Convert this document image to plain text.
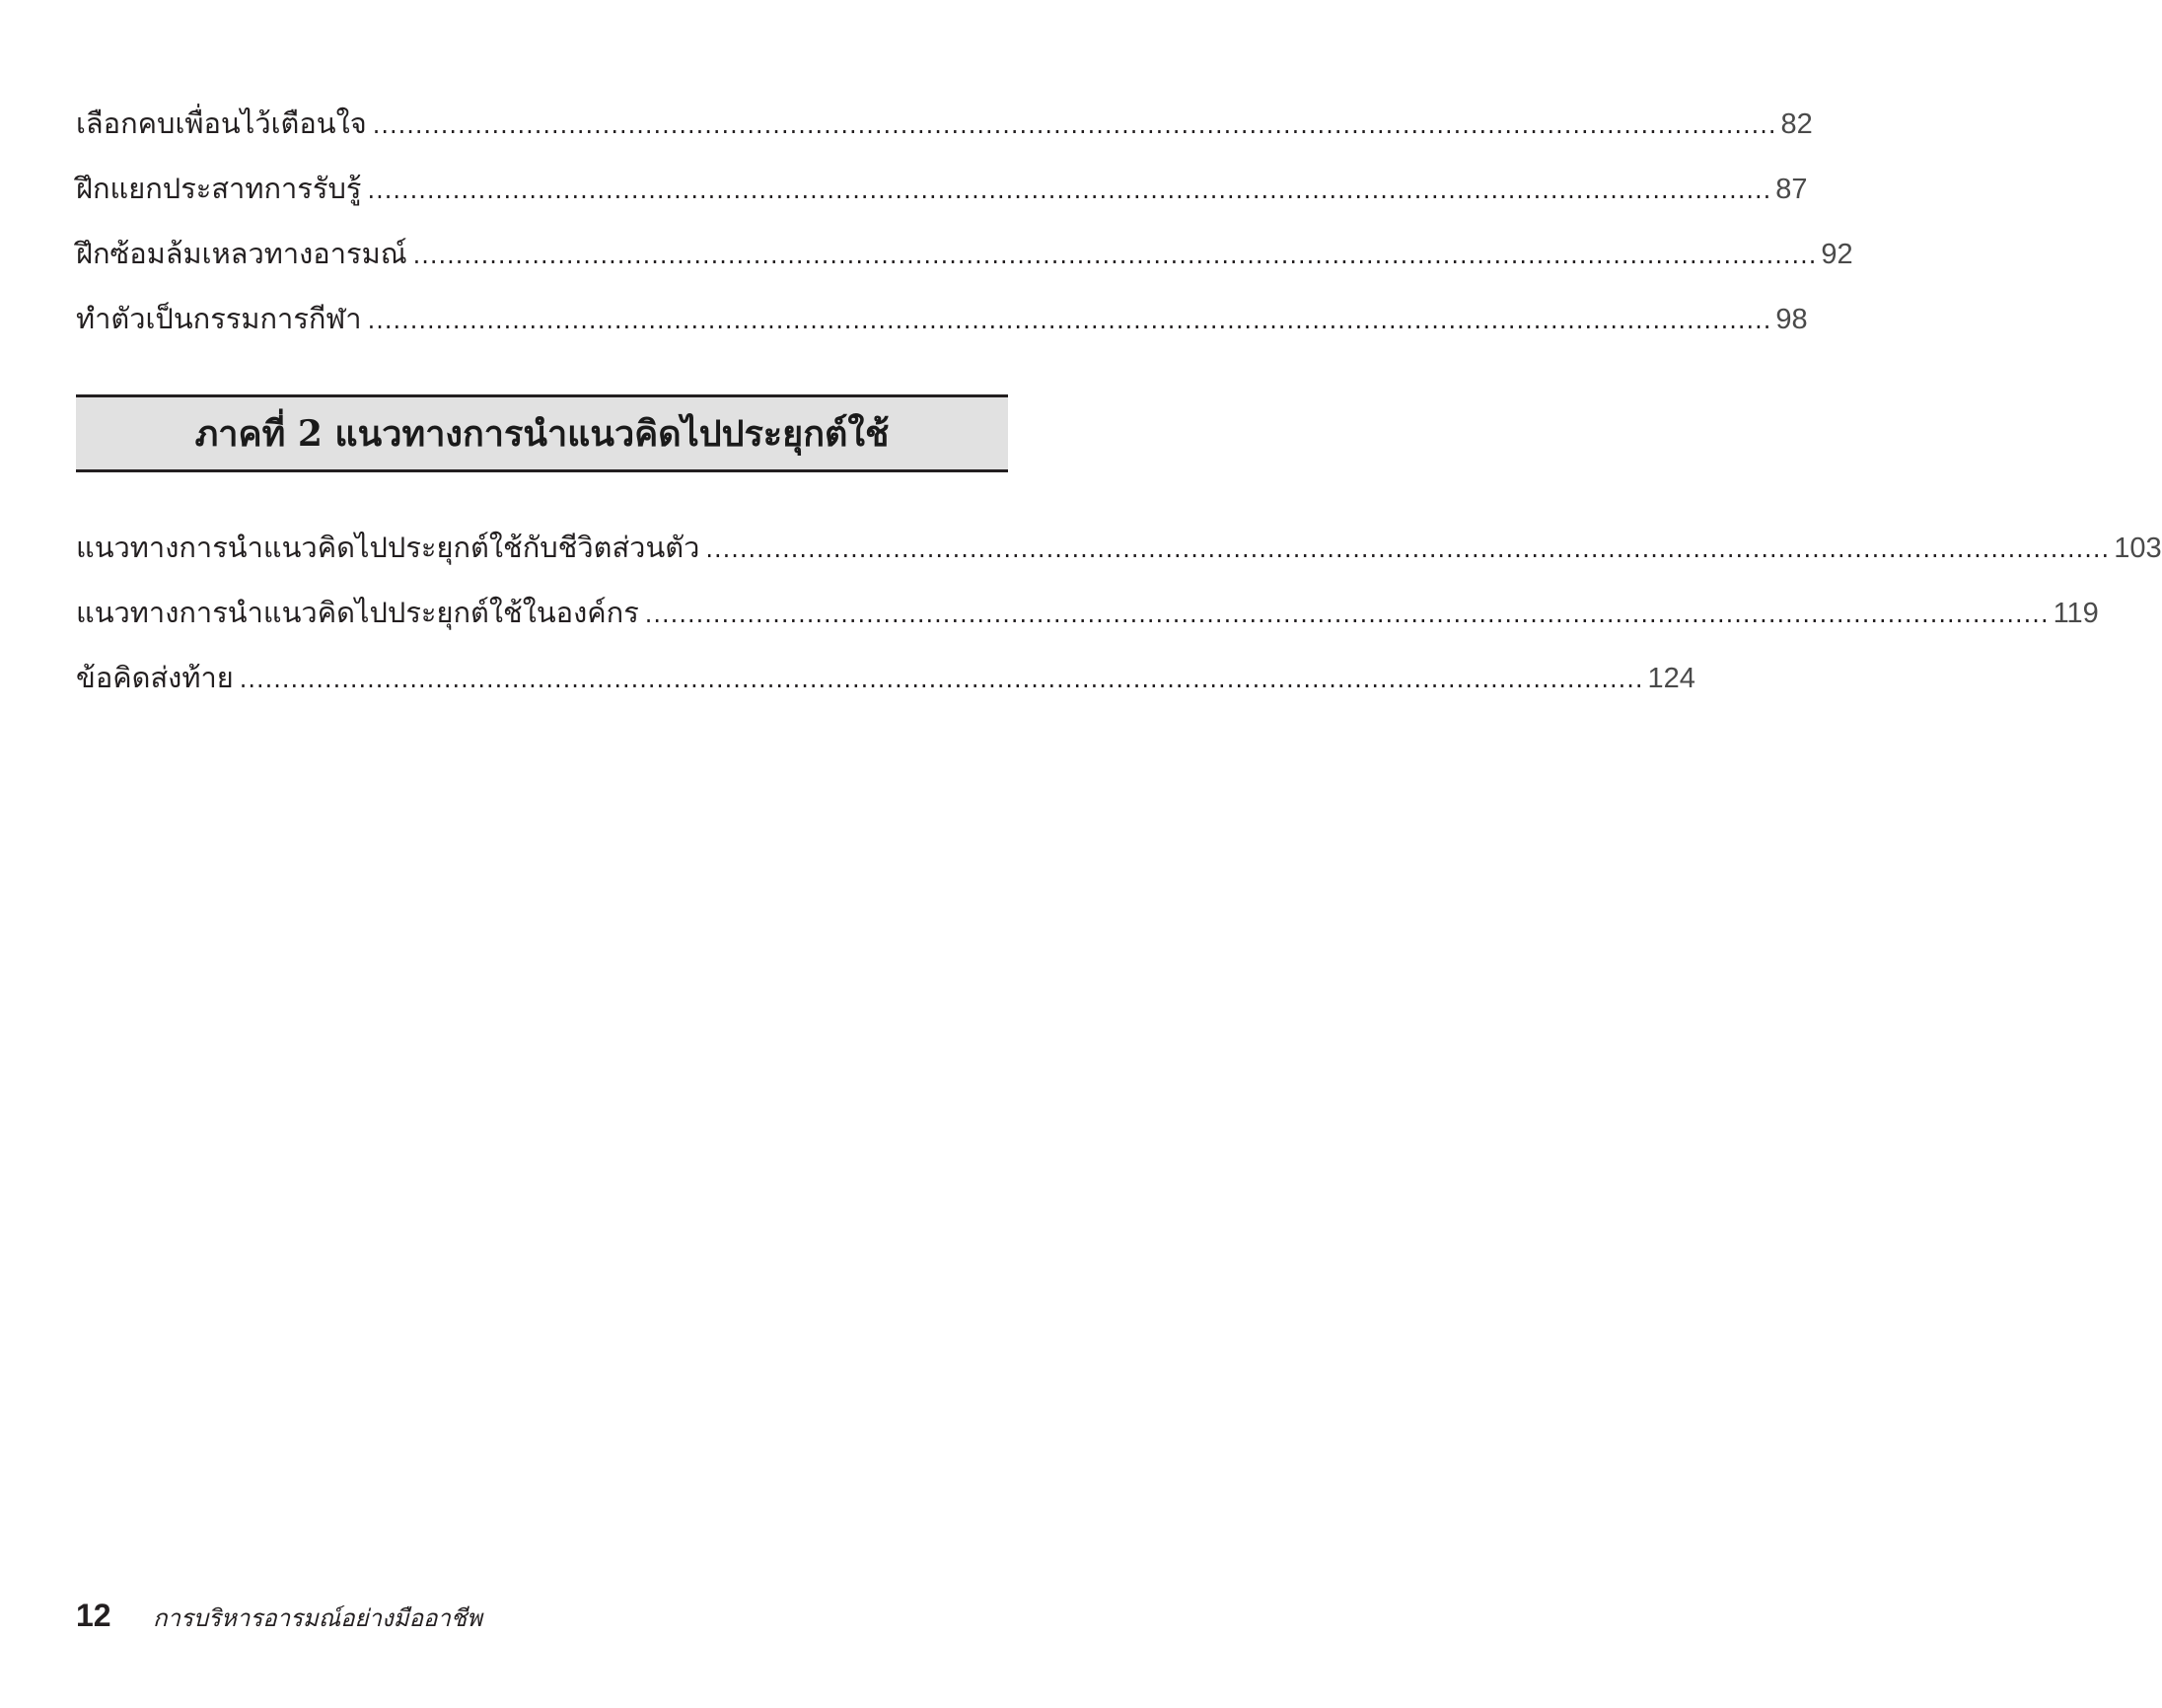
เลือกคบเพื่อนไว้เตือนใจ ..................................................................................................................................................................... 82
ฝึกแยกประสาทการรับรู้ ..................................................................................................................................................................... 87
ฝึกซ้อมล้มเหลวทางอารมณ์ ..................................................................................................................................................................... 92
ทำตัวเป็นกรรมการกีฬา ..................................................................................................................................................................... 98
ภาคที่ 2 แนวทางการนำแนวคิดไปประยุกต์ใช้
แนวทางการนำแนวคิดไปประยุกต์ใช้กับชีวิตส่วนตัว ..................................................................................................................................................................... 103
แนวทางการนำแนวคิดไปประยุกต์ใช้ในองค์กร ..................................................................................................................................................................... 119
ข้อคิดส่งท้าย ..................................................................................................................................................................... 124
12	การบริหารอารมณ์อย่างมืออาชีพ
